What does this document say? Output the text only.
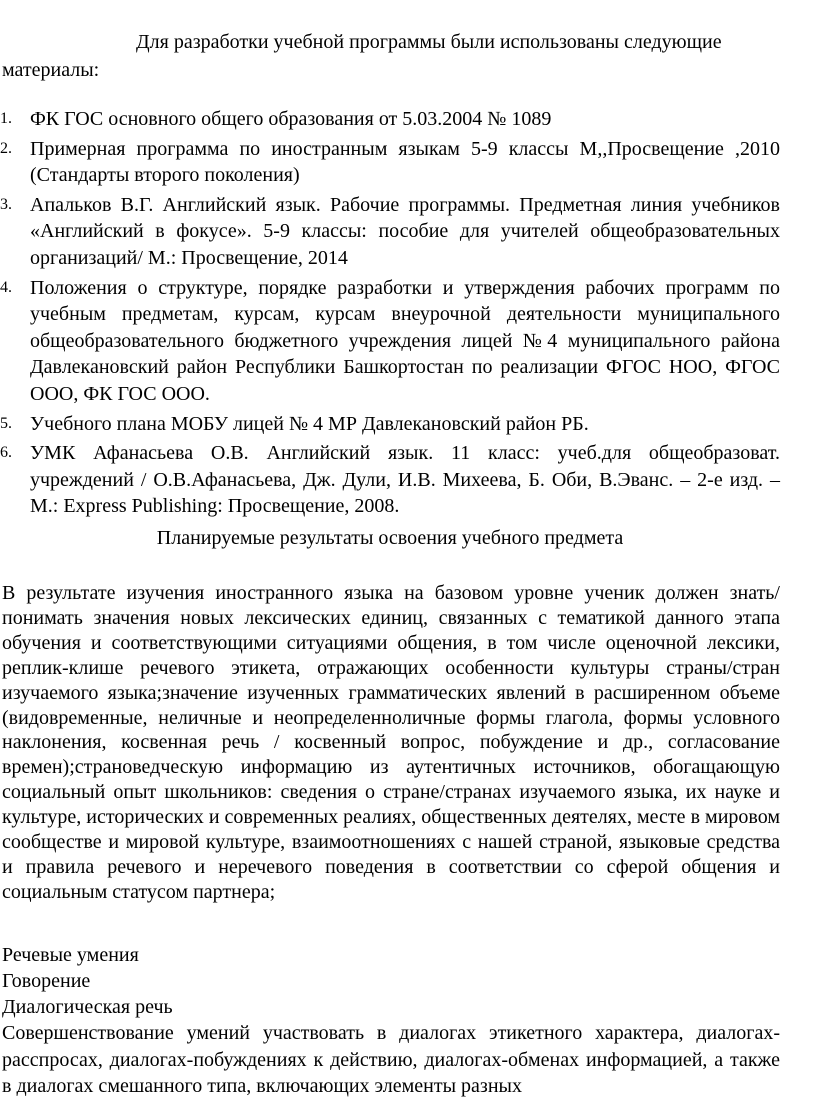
Для разработки учебной программы были использованы следующие материалы:

1. ФК ГОС основного общего образования от 5.03.2004 № 1089
2. Примерная программа по иностранным языкам 5-9 классы М,,Просвещение ,2010 (Стандарты второго поколения)
3. Апальков В.Г. Английский язык. Рабочие программы. Предметная линия учебников «Английский в фокусе». 5-9 классы: пособие для учителей общеобразовательных организаций/ М.: Просвещение, 2014
4. Положения о структуре, порядке разработки и утверждения рабочих программ по учебным предметам, курсам, курсам внеурочной деятельности муниципального общеобразовательного бюджетного учреждения лицей №4 муниципального района Давлекановский район Республики Башкортостан по реализации ФГОС НОО, ФГОС ООО, ФК ГОС ООО.
5. Учебного плана МОБУ лицей № 4 МР Давлекановский район РБ.
6. УМК Афанасьева О.В. Английский язык. 11 класс: учеб.для общеобразоват. учреждений / О.В.Афанасьева, Дж. Дули, И.В. Михеева, Б. Оби, В.Эванс. – 2-е изд. – М.: Express Publishing: Просвещение, 2008.

Планируемые результаты освоения учебного предмета

В результате изучения иностранного языка на базовом уровне ученик должен знать/понимать значения новых лексических единиц, связанных с тематикой данного этапа обучения и соответствующими ситуациями общения, в том числе оценочной лексики, реплик-клише речевого этикета, отражающих особенности культуры страны/стран изучаемого языка;значение изученных грамматических явлений в расширенном объеме (видовременные, неличные и неопределенноличные формы глагола, формы условного наклонения, косвенная речь / косвенный вопрос, побуждение и др., согласование времен);страноведческую информацию из аутентичных источников, обогащающую социальный опыт школьников: сведения о стране/странах изучаемого языка, их науке и культуре, исторических и современных реалиях, общественных деятелях, месте в мировом сообществе и мировой культуре, взаимоотношениях с нашей страной, языковые средства и правила речевого и неречевого поведения в соответствии со сферой общения и социальным статусом партнера;

Речевые умения

Говорение

Диалогическая речь

Совершенствование умений участвовать в диалогах этикетного характера, диалогах-расспросах, диалогах-побуждениях к действию, диалогах-обменах информацией, а также в диалогах смешанного типа, включающих элементы разных
